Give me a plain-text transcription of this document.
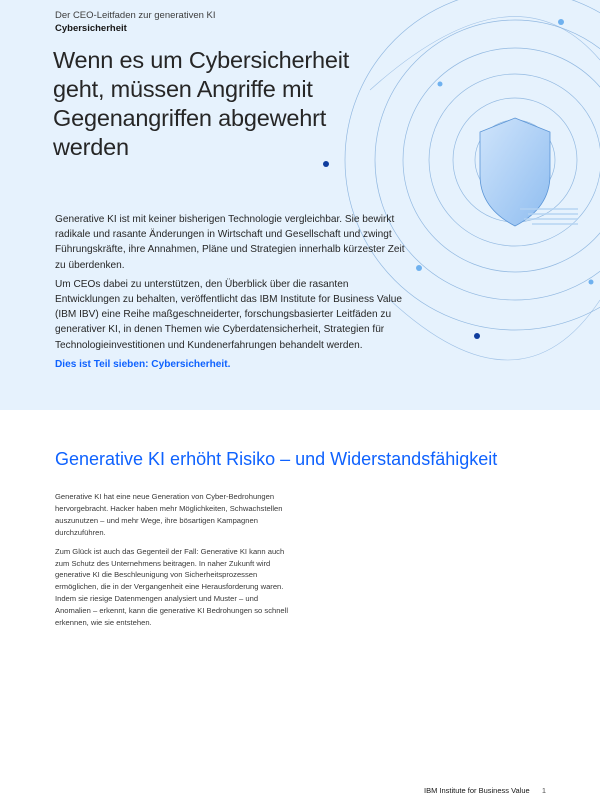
Der CEO-Leitfaden zur generativen KI
Cybersicherheit
Wenn es um Cybersicherheit geht, müssen Angriffe mit Gegenangriffen abgewehrt werden

Generative KI ist mit keiner bisherigen Technologie vergleichbar. Sie bewirkt radikale und rasante Änderungen in Wirtschaft und Gesellschaft und zwingt Führungskräfte, ihre Annahmen, Pläne und Strategien innerhalb kürzester Zeit zu überdenken.

Um CEOs dabei zu unterstützen, den Überblick über die rasanten Entwicklungen zu behalten, veröffentlicht das IBM Institute for Business Value (IBM IBV) eine Reihe maßgeschneiderter, forschungsbasierter Leitfäden zu generativer KI, in denen Themen wie Cyberdatensicherheit, Strategien für Technologieinvestitionen und Kundenerfahrungen behandelt werden.

Dies ist Teil sieben: Cybersicherheit.

Generative KI erhöht Risiko – und Widerstandsfähigkeit

Generative KI hat eine neue Generation von Cyber-Bedrohungen hervorgebracht. Hacker haben mehr Möglichkeiten, Schwachstellen auszunutzen – und mehr Wege, ihre bösartigen Kampagnen durchzuführen.

Zum Glück ist auch das Gegenteil der Fall: Generative KI kann auch zum Schutz des Unternehmens beitragen. In naher Zukunft wird generative KI die Beschleunigung von Sicherheitsprozessen ermöglichen, die in der Vergangenheit eine Herausforderung waren. Indem sie riesige Datenmengen analysiert und Muster – und Anomalien – erkennt, kann die generative KI Bedrohungen so schnell erkennen, wie sie entstehen.

IBM Institute for Business Value 1
